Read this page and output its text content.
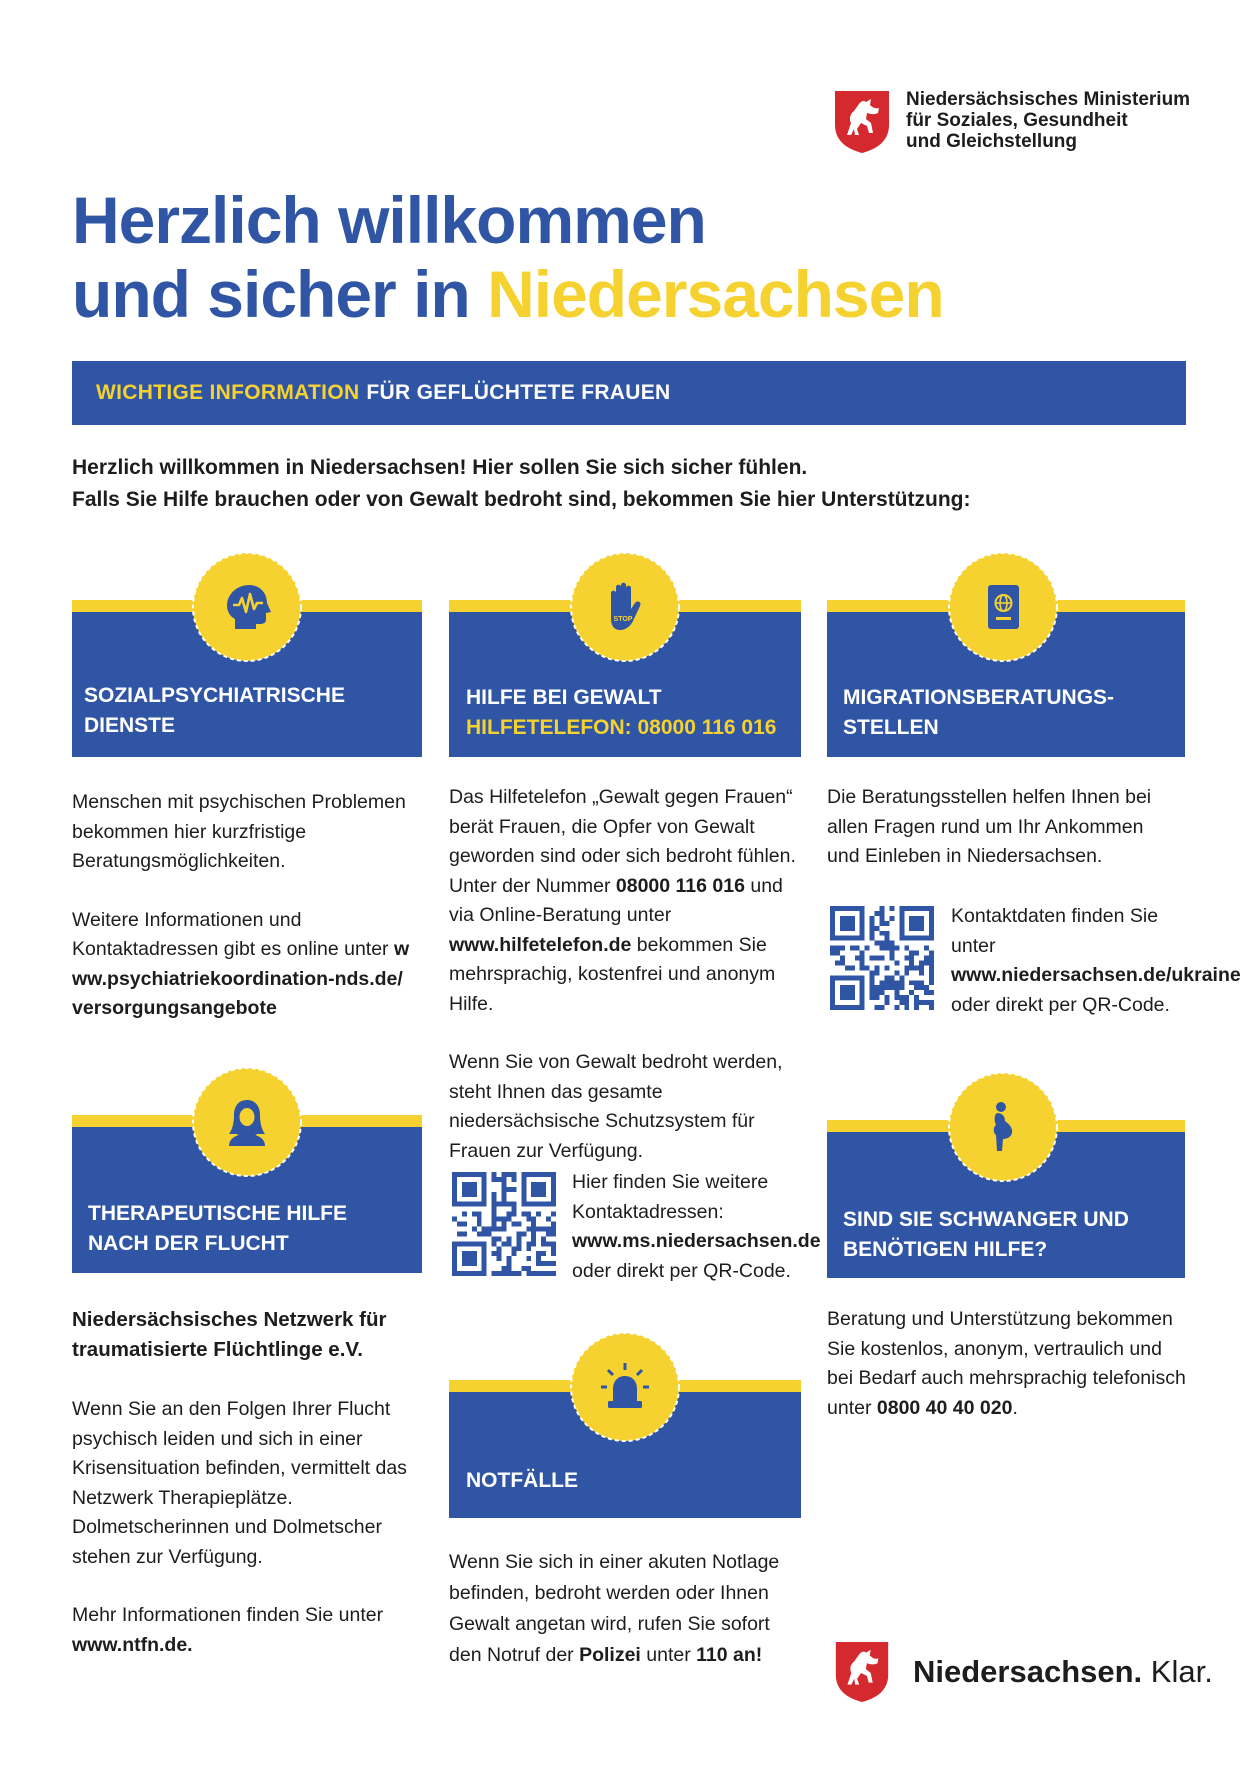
Niedersächsisches Ministerium
für Soziales, Gesundheit
und Gleichstellung
Herzlich willkommen
und sicher in Niedersachsen
WICHTIGE INFORMATION FÜR GEFLÜCHTETE FRAUEN
Herzlich willkommen in Niedersachsen! Hier sollen Sie sich sicher fühlen.
Falls Sie Hilfe brauchen oder von Gewalt bedroht sind, bekommen Sie hier Unterstützung:
SOZIALPSYCHIATRISCHE
DIENSTE

Menschen mit psychischen Problemen bekommen hier kurzfristige Beratungsmöglichkeiten.

Weitere Informationen und Kontaktadressen gibt es online unter www.psychiatriekoordination-nds.de/versorgungsangebote

STOP
HILFE BEI GEWALT
HILFETELEFON: 08000 116 016

Das Hilfetelefon „Gewalt gegen Frauen“ berät Frauen, die Opfer von Gewalt geworden sind oder sich bedroht fühlen. Unter der Nummer 08000 116 016 und via Online-Beratung unter www.hilfetelefon.de bekommen Sie mehrsprachig, kostenfrei und anonym Hilfe.

Wenn Sie von Gewalt bedroht werden, steht Ihnen das gesamte niedersächsische Schutzsystem für Frauen zur Verfügung.

Hier finden Sie weitere Kontaktadressen: www.ms.niedersachsen.de oder direkt per QR-Code.

MIGRATIONSBERATUNGS-
STELLEN

Die Beratungsstellen helfen Ihnen bei allen Fragen rund um Ihr Ankommen und Einleben in Niedersachsen.

Kontaktdaten finden Sie unter www.niedersachsen.de/ukraine oder direkt per QR-Code.

THERAPEUTISCHE HILFE
NACH DER FLUCHT
Niedersächsisches Netzwerk für
traumatisierte Flüchtlinge e.V.

Wenn Sie an den Folgen Ihrer Flucht psychisch leiden und sich in einer Krisensituation befinden, vermittelt das Netzwerk Therapieplätze. Dolmetscherinnen und Dolmetscher stehen zur Verfügung.

Mehr Informationen finden Sie unter
www.ntfn.de.

NOTFÄLLE

Wenn Sie sich in einer akuten Notlage befinden, bedroht werden oder Ihnen Gewalt angetan wird, rufen Sie sofort den Notruf der Polizei unter 110 an!

SIND SIE SCHWANGER UND
BENÖTIGEN HILFE?

Beratung und Unterstützung bekommen Sie kostenlos, anonym, vertraulich und bei Bedarf auch mehrsprachig telefonisch unter 0800 40 40 020.

Niedersachsen. Klar.
